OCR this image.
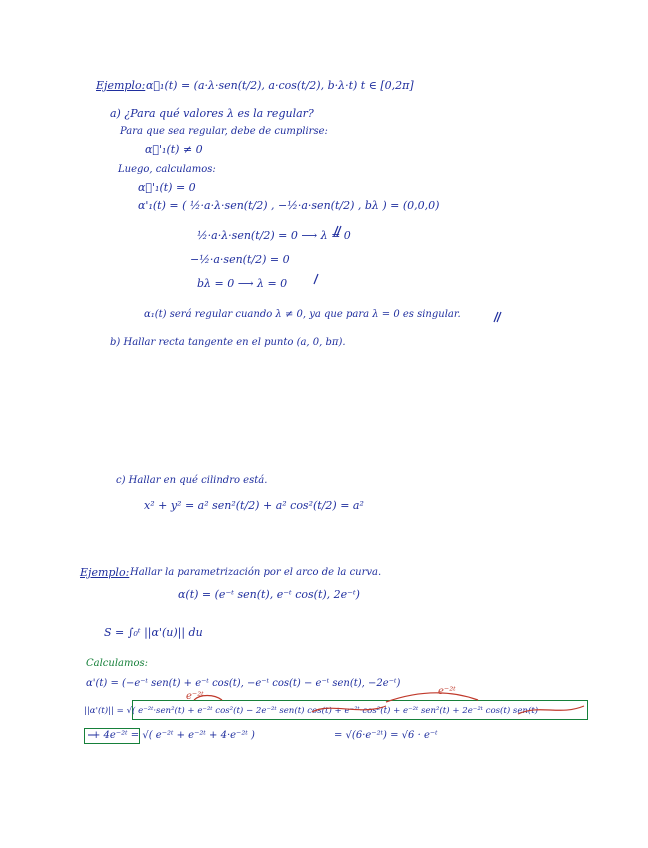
Ejemplo: α⃗₁(t) = (a·λ·sen(t/2), a·cos(t/2), b·λ·t) t ∈ [0,2π]
a) ¿Para qué valores λ es la regular?
Para que sea regular, debe de cumplirse:
α⃗'₁(t) ≠ 0
Luego, calculamos:
α⃗'₁(t) = 0
α'₁(t) = ( ½·a·λ·sen(t/2) , −½·a·sen(t/2) , bλ ) = (0,0,0)
½·a·λ·sen(t/2) = 0 ⟶ λ = 0
−½·a·sen(t/2) = 0
bλ = 0 ⟶ λ = 0
α₁(t) será regular cuando λ ≠ 0, ya que para λ = 0 es singular.
b) Hallar recta tangente en el punto (a, 0, bπ).
c) Hallar en qué cilindro está.
x² + y² = a² sen²(t/2) + a² cos²(t/2) = a²
Ejemplo: Hallar la parametrización por el arco de la curva.
α(t) = (e⁻ᵗ sen(t), e⁻ᵗ cos(t), 2e⁻ᵗ)
S = ∫₀ᵗ ||α'(u)|| du
Calculamos:
α'(t) = (−e⁻ᵗ sen(t) + e⁻ᵗ cos(t), −e⁻ᵗ cos(t) − e⁻ᵗ sen(t), −2e⁻ᵗ)
e⁻²ᵗ	e⁻²ᵗ
||α'(t)|| = √( e⁻²ᵗ·sen²(t) + e⁻²ᵗ cos²(t) − 2e⁻²ᵗ sen(t) cos(t) + e⁻²ᵗ·cos²(t) + e⁻²ᵗ sen²(t) + 2e⁻²ᵗ cos(t) sen(t)
+ 4e⁻²ᵗ = √( e⁻²ᵗ + e⁻²ᵗ + 4·e⁻²ᵗ )	= √(6·e⁻²ᵗ) = √6 · e⁻ᵗ
